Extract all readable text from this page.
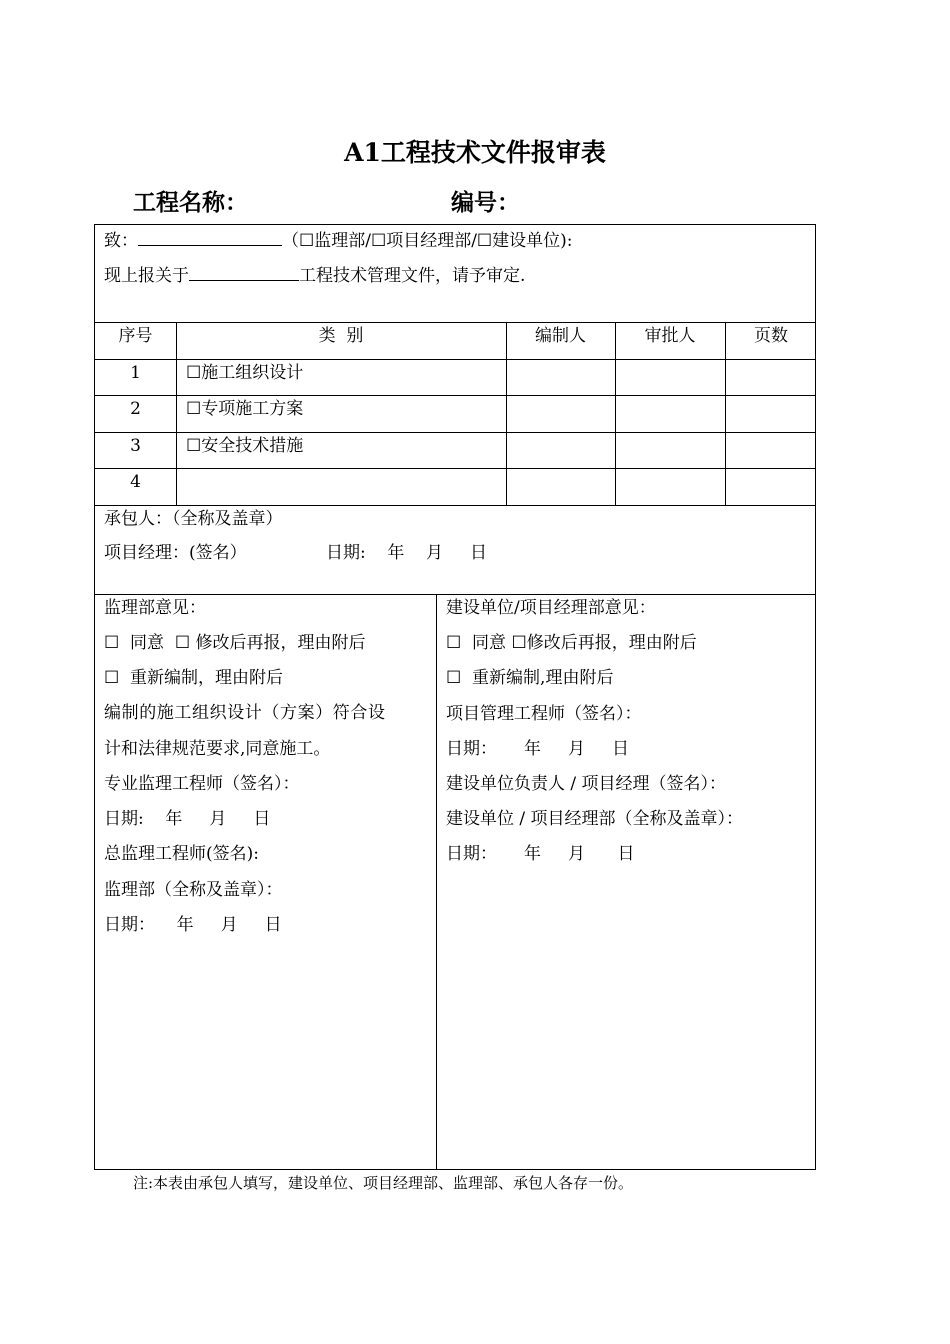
A1工程技术文件报审表
工程名称：	编号：
致：	（☐监理部/☐项目经理部/☐建设单位):
现上报关于	工程技术管理文件，请予审定.
序号	类  别	编制人	审批人	页数
1	☐施工组织设计
2	☐专项施工方案
3	☐安全技术措施
4
承包人：（全称及盖章）
项目经理：(签名）	日期:    年    月     日
监理部意见：
☐  同意  ☐ 修改后再报，理由附后
☐  重新编制，理由附后
编制的施工组织设计（方案）符合设
计和法律规范要求,同意施工。
专业监理工程师（签名）：
日期:    年     月     日
总监理工程师(签名):
监理部（全称及盖章）：
日期：    年     月     日
建设单位/项目经理部意见：
☐  同意 ☐修改后再报，理由附后
☐  重新编制,理由附后
项目管理工程师（签名）：
日期：     年     月     日
建设单位负责人 / 项目经理（签名）：
建设单位 / 项目经理部（全称及盖章）：
日期：     年     月      日
注:本表由承包人填写，建设单位、项目经理部、监理部、承包人各存一份。
